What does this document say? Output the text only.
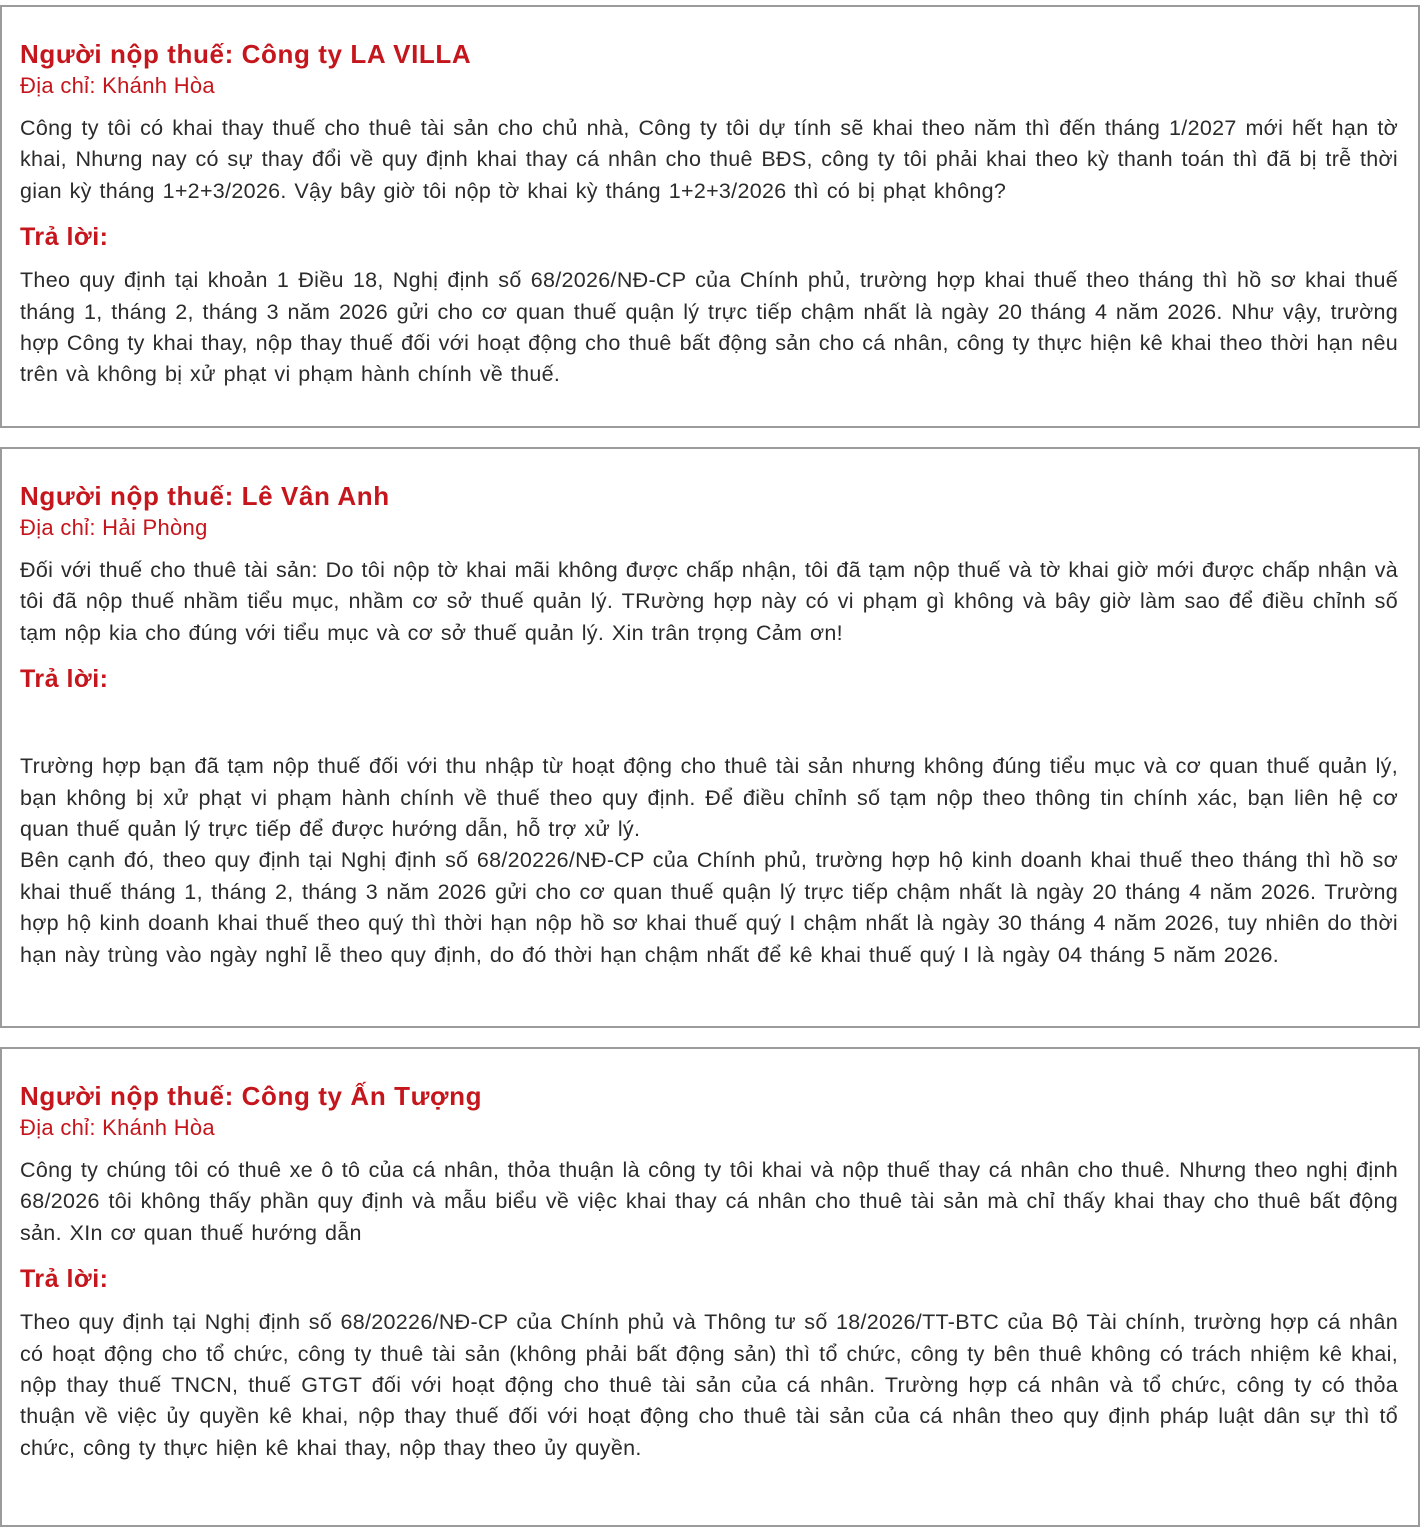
Người nộp thuế: Công ty LA VILLA

Địa chỉ: Khánh Hòa

Công ty tôi có khai thay thuế cho thuê tài sản cho chủ nhà, Công ty tôi dự tính sẽ khai theo năm thì đến tháng 1/2027 mới hết hạn tờ khai, Nhưng nay có sự thay đổi về quy định khai thay cá nhân cho thuê BĐS, công ty tôi phải khai theo kỳ thanh toán thì đã bị trễ thời gian kỳ tháng 1+2+3/2026. Vậy bây giờ tôi nộp tờ khai kỳ tháng 1+2+3/2026 thì có bị phạt không?

Trả lời:

Theo quy định tại khoản 1 Điều 18, Nghị định số 68/2026/NĐ-CP của Chính phủ, trường hợp khai thuế theo tháng thì hồ sơ khai thuế tháng 1, tháng 2, tháng 3 năm 2026 gửi cho cơ quan thuế quận lý trực tiếp chậm nhất là ngày 20 tháng 4 năm 2026. Như vậy, trường hợp Công ty khai thay, nộp thay thuế đối với hoạt động cho thuê bất động sản cho cá nhân, công ty thực hiện kê khai theo thời hạn nêu trên và không bị xử phạt vi phạm hành chính về thuế.

Người nộp thuế: Lê Vân Anh

Địa chỉ: Hải Phòng

Đối với thuế cho thuê tài sản: Do tôi nộp tờ khai mãi không được chấp nhận, tôi đã tạm nộp thuế và tờ khai giờ mới được chấp nhận và tôi đã nộp thuế nhầm tiểu mục, nhầm cơ sở thuế quản lý. TRường hợp này có vi phạm gì không và bây giờ làm sao để điều chỉnh số tạm nộp kia cho đúng với tiểu mục và cơ sở thuế quản lý. Xin trân trọng Cảm ơn!

Trả lời:

Trường hợp bạn đã tạm nộp thuế đối với thu nhập từ hoạt động cho thuê tài sản nhưng không đúng tiểu mục và cơ quan thuế quản lý, bạn không bị xử phạt vi phạm hành chính về thuế theo quy định. Để điều chỉnh số tạm nộp theo thông tin chính xác, bạn liên hệ cơ quan thuế quản lý trực tiếp để được hướng dẫn, hỗ trợ xử lý.

Bên cạnh đó, theo quy định tại Nghị định số 68/20226/NĐ-CP của Chính phủ, trường hợp hộ kinh doanh khai thuế theo tháng thì hồ sơ khai thuế tháng 1, tháng 2, tháng 3 năm 2026 gửi cho cơ quan thuế quận lý trực tiếp chậm nhất là ngày 20 tháng 4 năm 2026. Trường hợp hộ kinh doanh khai thuế theo quý thì thời hạn nộp hồ sơ khai thuế quý I chậm nhất là ngày 30 tháng 4 năm 2026, tuy nhiên do thời hạn này trùng vào ngày nghỉ lễ theo quy định, do đó thời hạn chậm nhất để kê khai thuế quý I là ngày 04 tháng 5 năm 2026.

Người nộp thuế: Công ty Ấn Tượng

Địa chỉ: Khánh Hòa

Công ty chúng tôi có thuê xe ô tô của cá nhân, thỏa thuận là công ty tôi khai và nộp thuế thay cá nhân cho thuê. Nhưng theo nghị định 68/2026 tôi không thấy phần quy định và mẫu biểu về việc khai thay cá nhân cho thuê tài sản mà chỉ thấy khai thay cho thuê bất động sản. XIn cơ quan thuế hướng dẫn

Trả lời:

Theo quy định tại Nghị định số 68/20226/NĐ-CP của Chính phủ và Thông tư số 18/2026/TT-BTC của Bộ Tài chính, trường hợp cá nhân có hoạt động cho tổ chức, công ty thuê tài sản (không phải bất động sản) thì tổ chức, công ty bên thuê không có trách nhiệm kê khai, nộp thay thuế TNCN, thuế GTGT đối với hoạt động cho thuê tài sản của cá nhân. Trường hợp cá nhân và tổ chức, công ty có thỏa thuận về việc ủy quyền kê khai, nộp thay thuế đối với hoạt động cho thuê tài sản của cá nhân theo quy định pháp luật dân sự thì tổ chức, công ty thực hiện kê khai thay, nộp thay theo ủy quyền.
